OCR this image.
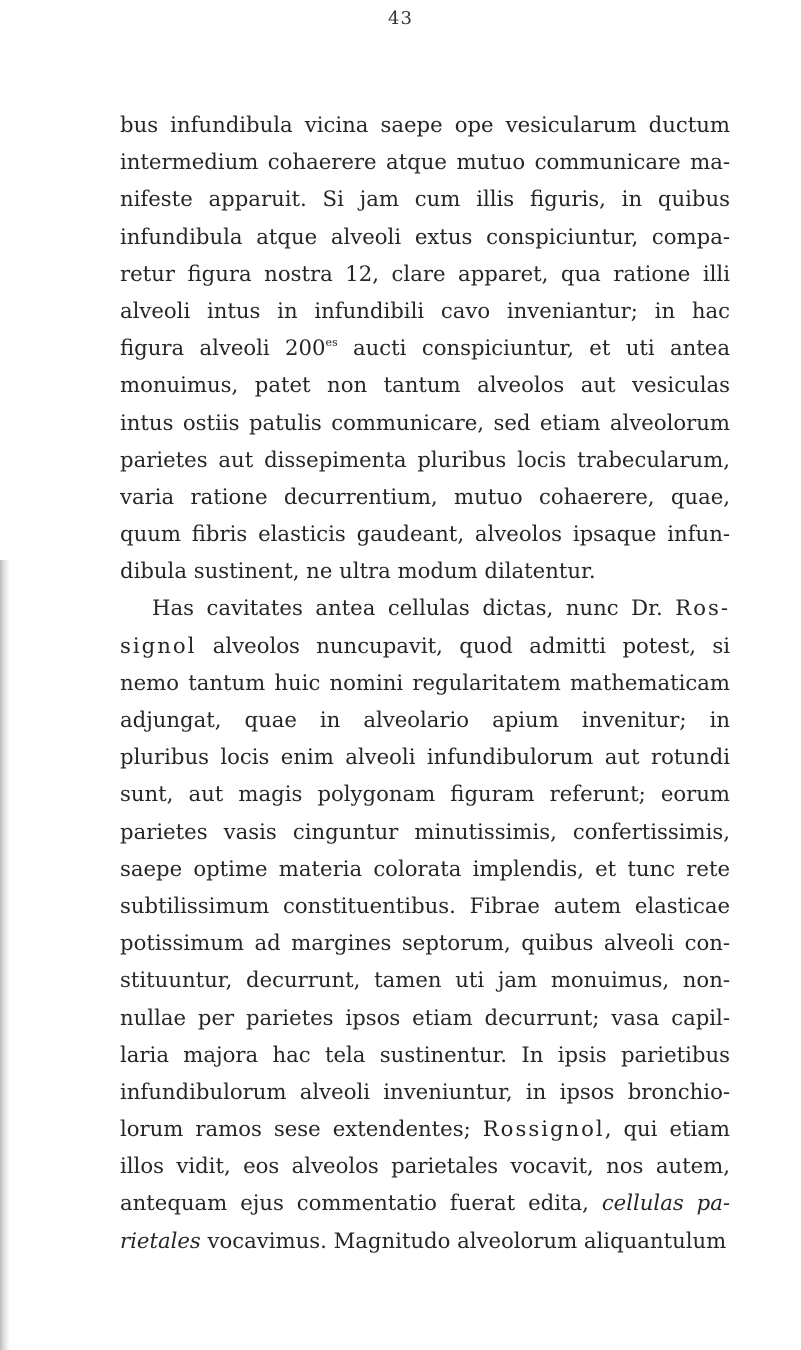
43
bus infundibula vicina saepe ope vesicularum ductum
intermedium cohaerere atque mutuo communicare ma-
nifeste apparuit. Si jam cum illis figuris, in quibus
infundibula atque alveoli extus conspiciuntur, compa-
retur figura nostra 12, clare apparet, qua ratione illi
alveoli intus in infundibili cavo inveniantur; in hac
figura alveoli $200^{es}$ aucti conspiciuntur, et uti antea
monuimus, patet non tantum alveolos aut vesiculas
intus ostiis patulis communicare, sed etiam alveolorum
parietes aut dissepimenta pluribus locis trabecularum,
varia ratione decurrentium, mutuo cohaerere, quae,
quum fibris elasticis gaudeant, alveolos ipsaque infun-
dibula sustinent, ne ultra modum dilatentur.
Has cavitates antea cellulas dictas, nunc Dr. Ros-
signol alveolos nuncupavit, quod admitti potest, si
nemo tantum huic nomini regularitatem mathematicam
adjungat, quae in alveolario apium invenitur; in
pluribus locis enim alveoli infundibulorum aut rotundi
sunt, aut magis polygonam figuram referunt; eorum
parietes vasis cinguntur minutissimis, confertissimis,
saepe optime materia colorata implendis, et tunc rete
subtilissimum constituentibus. Fibrae autem elasticae
potissimum ad margines septorum, quibus alveoli con-
stituuntur, decurrunt, tamen uti jam monuimus, non-
nullae per parietes ipsos etiam decurrunt; vasa capil-
laria majora hac tela sustinentur. In ipsis parietibus
infundibulorum alveoli inveniuntur, in ipsos bronchio-
lorum ramos sese extendentes; Rossignol, qui etiam
illos vidit, eos alveolos parietales vocavit, nos autem,
antequam ejus commentatio fuerat edita, cellulas pa-
rietales vocavimus. Magnitudo alveolorum aliquantulum
